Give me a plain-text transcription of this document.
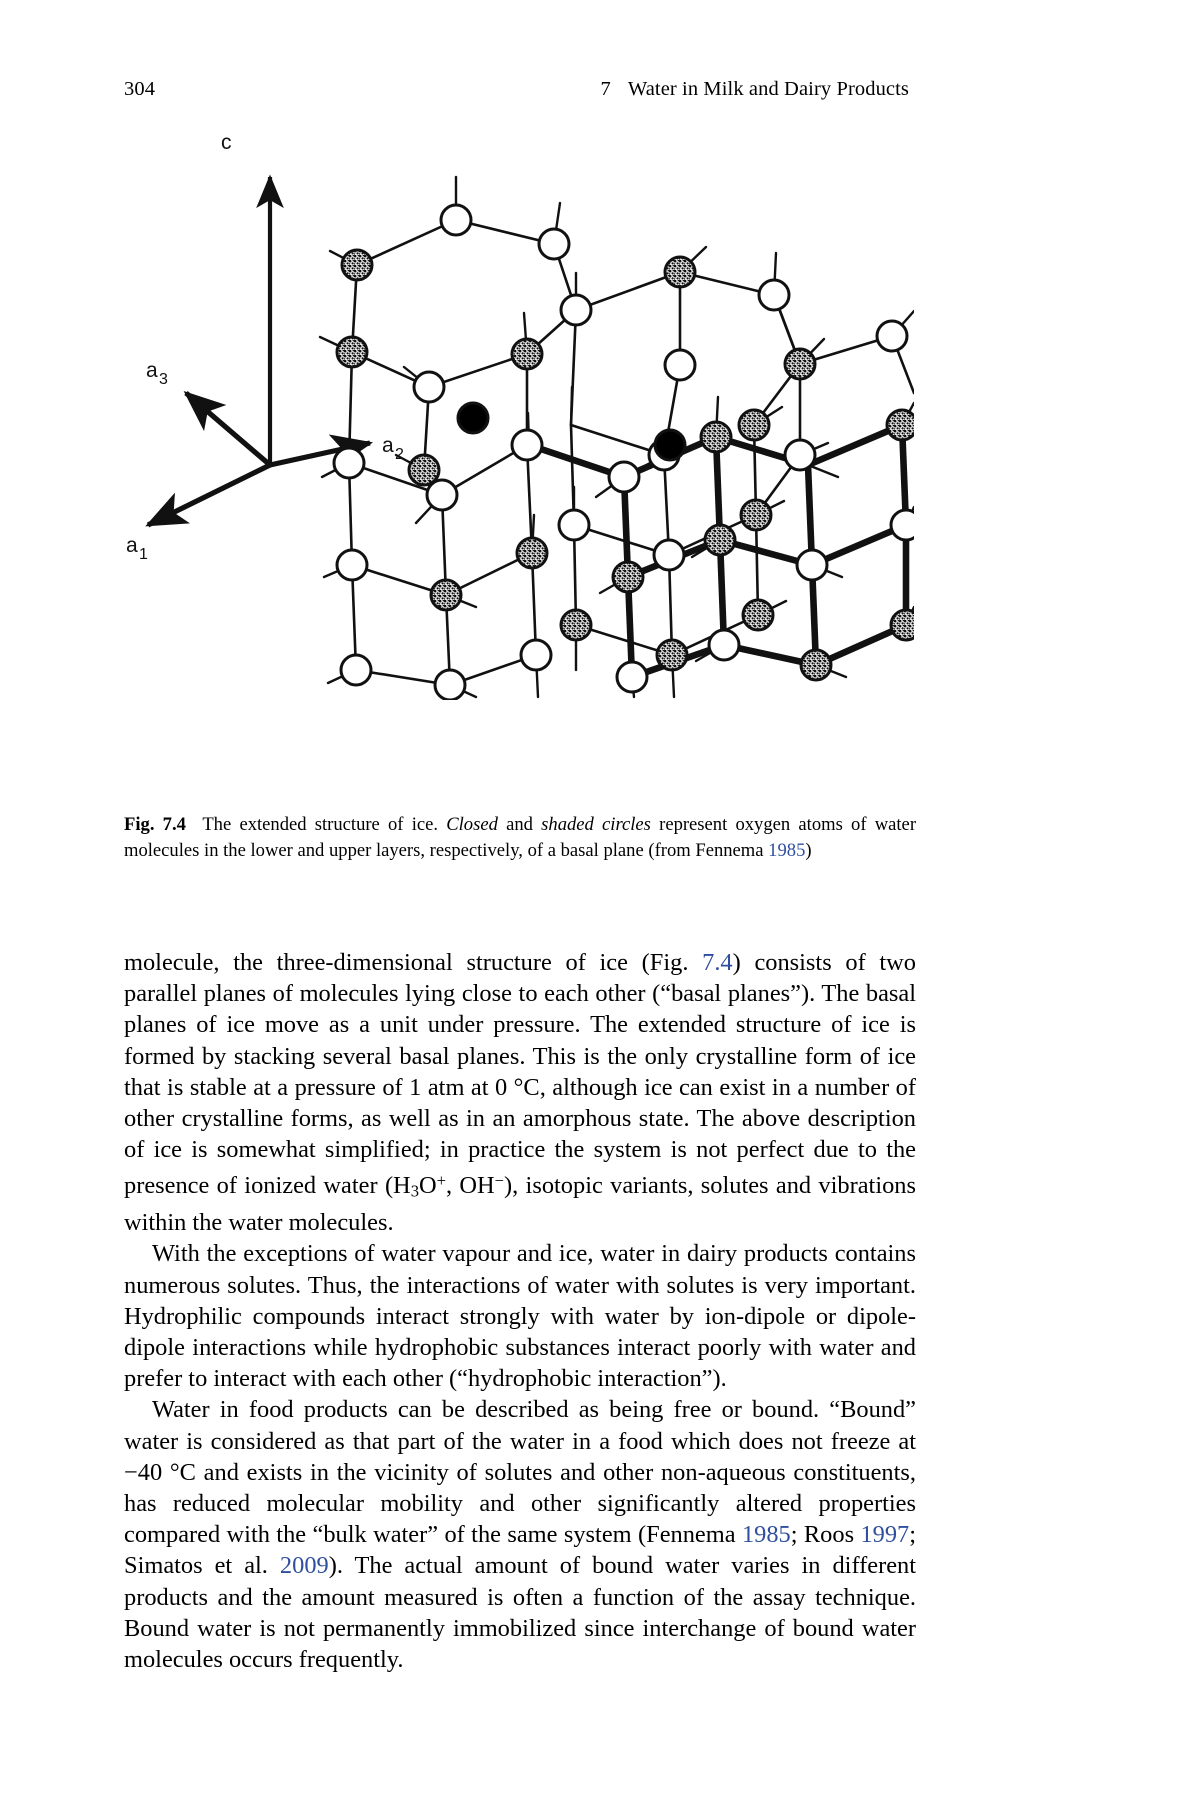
304	7 Water in Milk and Dairy Products
c
a 3
a 2
a 1
Fig. 7.4 The extended structure of ice. Closed and shaded circles represent oxygen atoms of water molecules in the lower and upper layers, respectively, of a basal plane (from Fennema 1985)

molecule, the three-dimensional structure of ice (Fig. 7.4) consists of two parallel planes of molecules lying close to each other (“basal planes”). The basal planes of ice move as a unit under pressure. The extended structure of ice is formed by stacking several basal planes. This is the only crystalline form of ice that is stable at a pressure of 1 atm at 0 °C, although ice can exist in a number of other crystalline forms, as well as in an amorphous state. The above description of ice is somewhat simplified; in practice the system is not perfect due to the presence of ionized water ($H_3O^+$, OH−), isotopic variants, solutes and vibrations within the water molecules.

With the exceptions of water vapour and ice, water in dairy products contains numerous solutes. Thus, the interactions of water with solutes is very important. Hydrophilic compounds interact strongly with water by ion-dipole or dipole-dipole interactions while hydrophobic substances interact poorly with water and prefer to interact with each other (“hydrophobic interaction”).

Water in food products can be described as being free or bound. “Bound” water is considered as that part of the water in a food which does not freeze at −40 °C and exists in the vicinity of solutes and other non-aqueous constituents, has reduced molecular mobility and other significantly altered properties compared with the “bulk water” of the same system (Fennema 1985; Roos 1997; Simatos et al. 2009). The actual amount of bound water varies in different products and the amount measured is often a function of the assay technique. Bound water is not permanently immobilized since interchange of bound water molecules occurs frequently.
